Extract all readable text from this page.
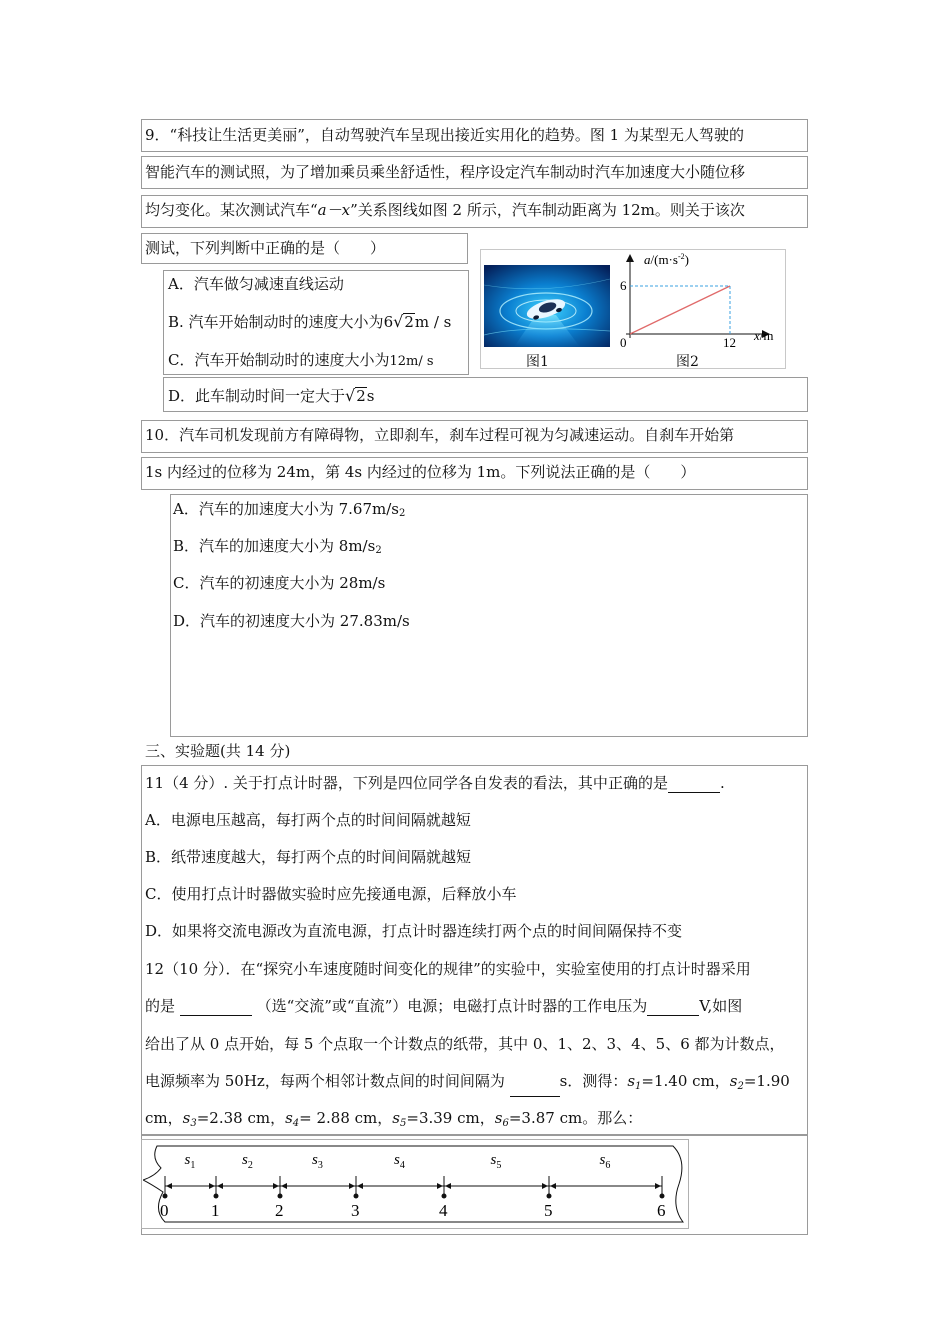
9．“科技让生活更美丽”，自动驾驶汽车呈现出接近实用化的趋势。图 1 为某型无人驾驶的
智能汽车的测试照，为了增加乘员乘坐舒适性，程序设定汽车制动时汽车加速度大小随位移
均匀变化。某次测试汽车“a－x”关系图线如图 2 所示，汽车制动距离为 12m。则关于该次
测试，下列判断中正确的是（　　）
A．汽车做匀减速直线运动
B. 汽车开始制动时的速度大小为6√2m / s
C．汽车开始制动时的速度大小为12m/ s
D．此车制动时间一定大于√2s
图1
$a/(m\cdot s^{-2})$
x/m
0
6
12
图2
10．汽车司机发现前方有障碍物，立即刹车，刹车过程可视为匀减速运动。自刹车开始第
1s 内经过的位移为 24m，第 4s 内经过的位移为 1m。下列说法正确的是（　　）
A．汽车的加速度大小为 7.67m/s2
B．汽车的加速度大小为 8m/s2
C．汽车的初速度大小为 28m/s
D．汽车的初速度大小为 27.83m/s
三、实验题(共 14 分)
11（4 分）. 关于打点计时器，下列是四位同学各自发表的看法，其中正确的是	.
A．电源电压越高，每打两个点的时间间隔就越短
B．纸带速度越大，每打两个点的时间间隔就越短
C．使用打点计时器做实验时应先接通电源，后释放小车
D．如果将交流电源改为直流电源，打点计时器连续打两个点的时间间隔保持不变
12（10 分）．在“探究小车速度随时间变化的规律”的实验中，实验室使用的打点计时器采用
的是	（选“交流”或“直流”）电源；电磁打点计时器的工作电压为	V,如图
给出了从 0 点开始，每 5 个点取一个计数点的纸带，其中 0、1、2、3、4、5、6 都为计数点，
电源频率为 50Hz，每两个相邻计数点间的时间间隔为	s．测得：$s_1=1.40$ cm，$s_2=1.90$
cm，$s_3=2.38$ cm，$s_4= 2.88$ cm，$s_5=3.39$ cm，$s_6=3.87$ cm。那么：
0	1	2	3	4	5	6
$s_1$	$s_2$	$s_3$	$s_4$	$s_5$	$s_6$
